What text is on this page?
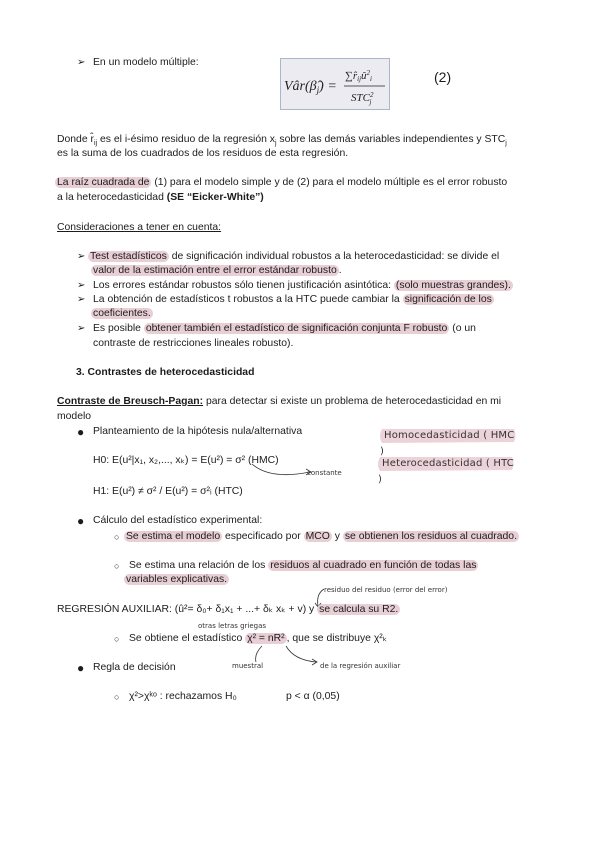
➢ En un modelo múltiple:
$Vâr(\betâ_j)$ =
∑r̂ijû$^2_i$
STC$^2$ j
(2)
Donde $r̂_{ij}$ es el i-ésimo residuo de la regresión $x_j$ sobre las demás variables independientes y $STC_j$
es la suma de los cuadrados de los residuos de esta regresión.
La raíz cuadrada de (1) para el modelo simple y de (2) para el modelo múltiple es el error robusto
a la heterocedasticidad (SE “Eicker-White”)
Consideraciones a tener en cuenta:
➢ Test estadísticos de significación individual robustos a la heterocedasticidad: se divide el
valor de la estimación entre el error estándar robusto .
➢ Los errores estándar robustos sólo tienen justificación asintótica: (solo muestras grandes).
➢ La obtención de estadísticos t robustos a la HTC puede cambiar la significación de los
coeficientes.
➢ Es posible obtener también el estadístico de significación conjunta F robusto (o un
contraste de restricciones lineales robusto).
3. Contrastes de heterocedasticidad
Contraste de Breusch-Pagan: para detectar si existe un problema de heterocedasticidad en mi
modelo
● Planteamiento de la hipótesis nula/alternativa
H0: E(u²|x₁, x₂,..., xₖ) = E(u²) = σ² (HMC)
H1: E(u²) ≠ σ² / E(u²) = σ²ᵢ (HTC)
Homocedasticidad ( HMC )
Heterocedasticidad ( HTC )
constante
● Cálculo del estadístico experimental:
○ Se estima el modelo especificado por MCO y se obtienen los residuos al cuadrado.
○ Se estima una relación de los residuos al cuadrado en función de todas las
variables explicativas.
residuo del residuo (error del error)
REGRESIÓN AUXILIAR: (û²= δ₀+ δ₁x₁ + ...+ δₖ xₖ + v) y se calcula su R2.
otras letras griegas
○ Se obtiene el estadístico χ² = nR² , que se distribuye χ²ₖ
muestral	de la regresión auxiliar
● Regla de decisión
○ χ²>χᵏᵒ : rechazamos H₀	p < α (0,05)
